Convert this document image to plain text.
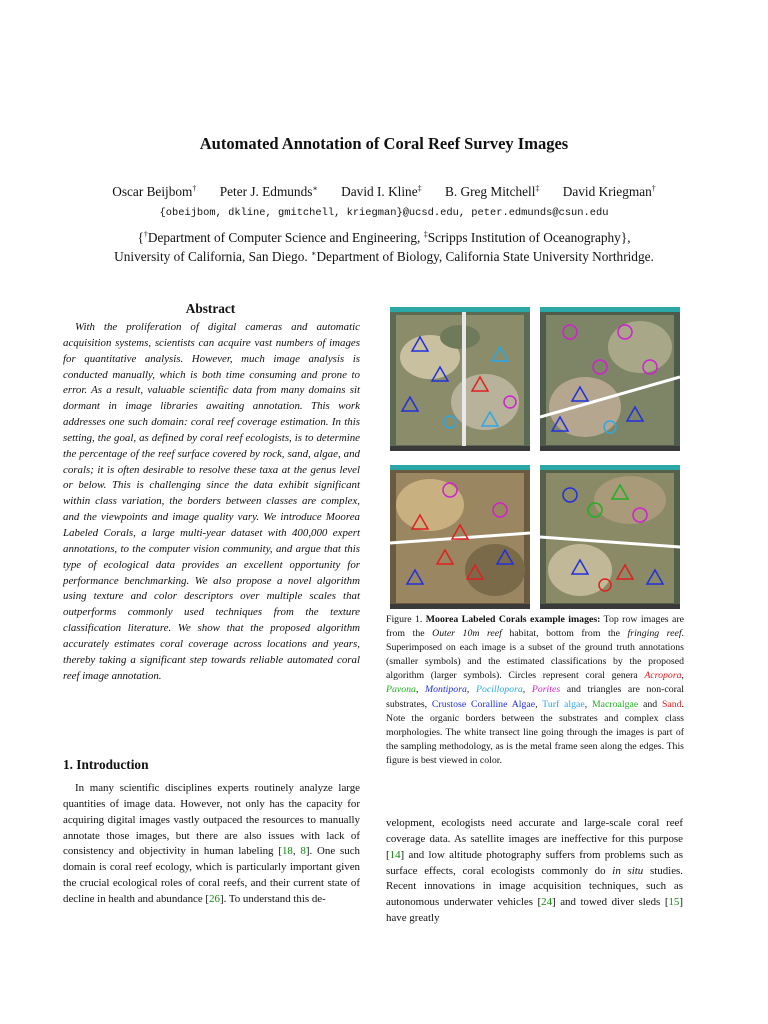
Automated Annotation of Coral Reef Survey Images
Oscar Beijbom† Peter J. Edmunds∗ David I. Kline‡ B. Greg Mitchell‡ David Kriegman†
{obeijbom, dkline, gmitchell, kriegman}@ucsd.edu, peter.edmunds@csun.edu
{†Department of Computer Science and Engineering, ‡Scripps Institution of Oceanography},
University of California, San Diego. ∗Department of Biology, California State University Northridge.
Abstract
With the proliferation of digital cameras and automatic acquisition systems, scientists can acquire vast numbers of images for quantitative analysis. However, much image analysis is conducted manually, which is both time consuming and prone to error. As a result, valuable scientific data from many domains sit dormant in image libraries awaiting annotation. This work addresses one such domain: coral reef coverage estimation. In this setting, the goal, as defined by coral reef ecologists, is to determine the percentage of the reef surface covered by rock, sand, algae, and corals; it is often desirable to resolve these taxa at the genus level or below. This is challenging since the data exhibit significant within class variation, the borders between classes are complex, and the viewpoints and image quality vary. We introduce Moorea Labeled Corals, a large multi-year dataset with 400,000 expert annotations, to the computer vision community, and argue that this type of ecological data provides an excellent opportunity for performance benchmarking. We also propose a novel algorithm using texture and color descriptors over multiple scales that outperforms commonly used techniques from the texture classification literature. We show that the proposed algorithm accurately estimates coral coverage across locations and years, thereby taking a significant step towards reliable automated coral reef image annotation.
1. Introduction
In many scientific disciplines experts routinely analyze large quantities of image data. However, not only has the capacity for acquiring digital images vastly outpaced the resources to manually annotate those images, but there are also issues with lack of consistency and objectivity in human labeling [18, 8]. One such domain is coral reef ecology, which is particularly important given the crucial ecological roles of coral reefs, and their current state of decline in health and abundance [26]. To understand this de-
velopment, ecologists need accurate and large-scale coral reef coverage data. As satellite images are ineffective for this purpose [14] and low altitude photography suffers from problems such as surface effects, coral ecologists commonly do in situ studies. Recent innovations in image acquisition techniques, such as autonomous underwater vehicles [24] and towed diver sleds [15] have greatly
Figure 1. Moorea Labeled Corals example images: Top row images are from the Outer 10m reef habitat, bottom from the fringing reef. Superimposed on each image is a subset of the ground truth annotations (smaller symbols) and the estimated classifications by the proposed algorithm (larger symbols). Circles represent coral genera Acropora, Pavona, Montipora, Pocillopora, Porites and triangles are non-coral substrates, Crustose Coralline Algae, Turf algae, Macroalgae and Sand. Note the organic borders between the substrates and complex class morphologies. The white transect line going through the images is part of the sampling methodology, as is the metal frame seen along the edges. This figure is best viewed in color.
